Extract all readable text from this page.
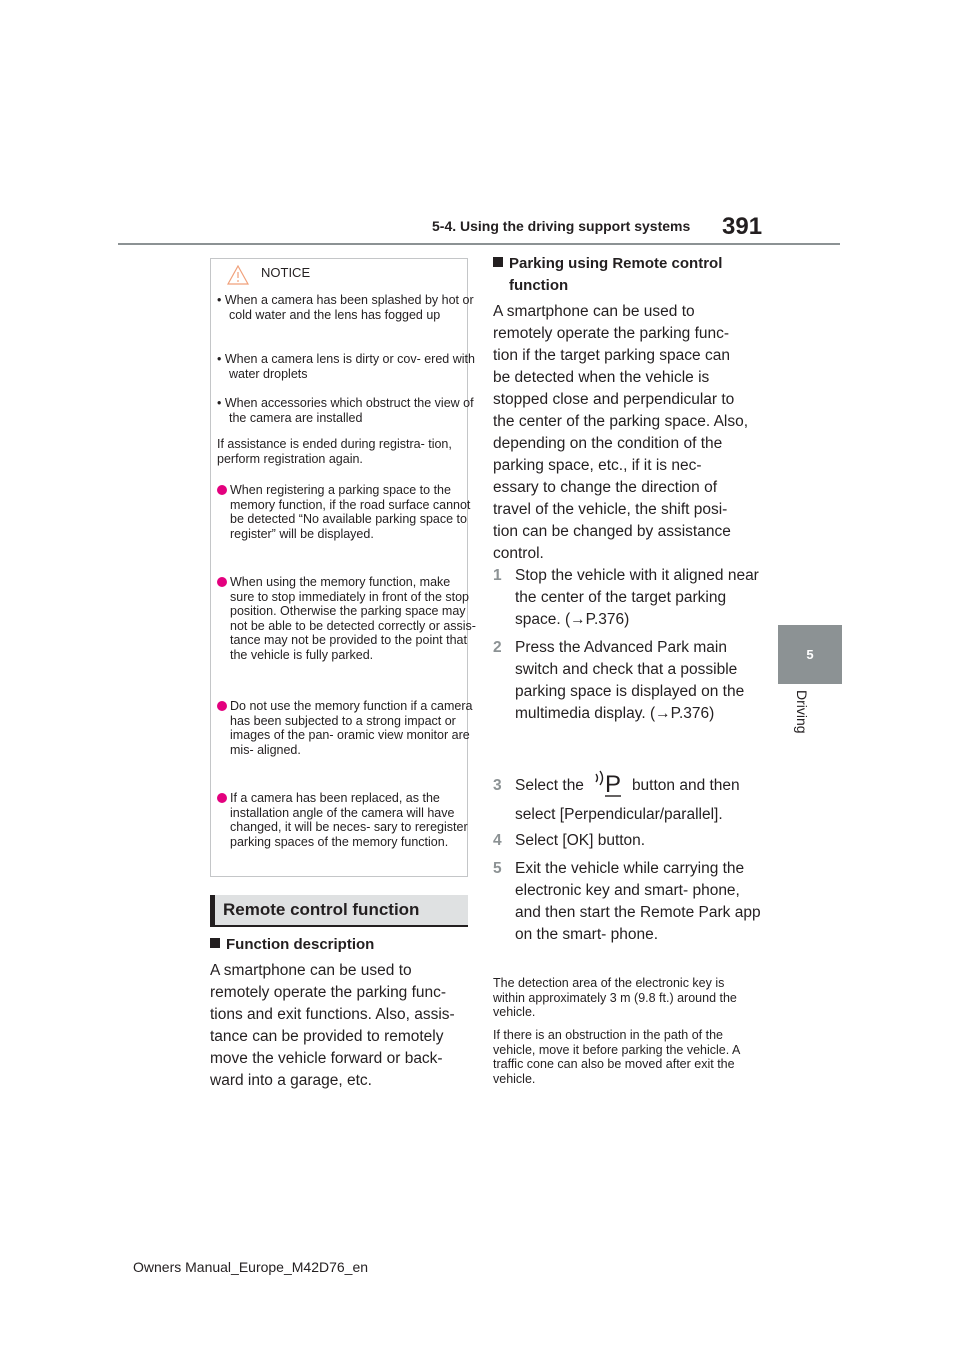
5-4. Using the driving support systems 391
5
Driving
NOTICE
• When a camera has been splashed by hot or cold water and the lens has fogged up
• When a camera lens is dirty or cov- ered with water droplets
• When accessories which obstruct the view of the camera are installed
If assistance is ended during registra- tion, perform registration again.
When registering a parking space to the memory function, if the road surface cannot be detected “No available parking space to register” will be displayed.
When using the memory function, make sure to stop immediately in front of the stop position. Otherwise the parking space may not be able to be detected correctly or assis- tance may not be provided to the point that the vehicle is fully parked.
Do not use the memory function if a camera has been subjected to a strong impact or images of the pan- oramic view monitor are mis- aligned.
If a camera has been replaced, as the installation angle of the camera will have changed, it will be neces- sary to reregister parking spaces of the memory function.
Remote control function
Function description
A smartphone can be used to remotely operate the parking func- tions and exit functions. Also, assis- tance can be provided to remotely move the vehicle forward or back- ward into a garage, etc.
Parking using Remote control function
A smartphone can be used to remotely operate the parking func- tion if the target parking space can be detected when the vehicle is stopped close and perpendicular to the center of the parking space. Also, depending on the condition of the parking space, etc., if it is nec- essary to change the direction of travel of the vehicle, the shift posi- tion can be changed by assistance control.
1 Stop the vehicle with it aligned near the center of the target parking space. (→P.376)
2 Press the Advanced Park main switch and check that a possible parking space is displayed on the multimedia display. (→P.376)
3 Select the P button and then
select [Perpendicular/parallel].
4 Select [OK] button.
5 Exit the vehicle while carrying the electronic key and smart- phone, and then start the Remote Park app on the smart- phone.
The detection area of the electronic key is within approximately 3 m (9.8 ft.) around the vehicle.
If there is an obstruction in the path of the vehicle, move it before parking the vehicle. A traffic cone can also be moved after exit the vehicle.
Owners Manual_Europe_M42D76_en
